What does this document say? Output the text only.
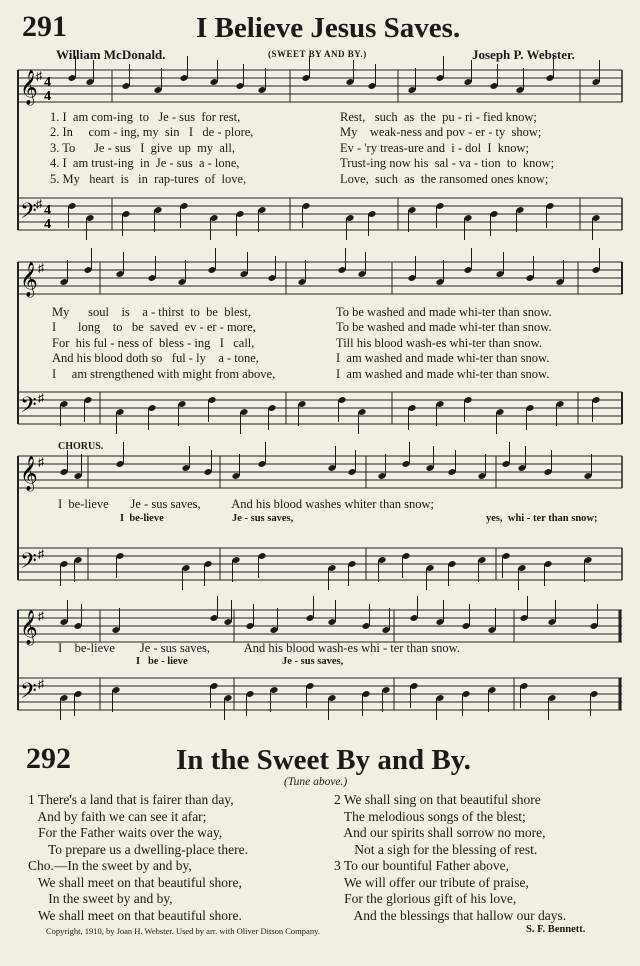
291	I Believe Jesus Saves.
William McDonald.	(SWEET BY AND BY.)	Joseph P. Webster.
𝄞
𝄢
4
4
4
4
♯
♯
𝄞
𝄢
♯
♯
𝄞
𝄢
♯
♯
𝄞
𝄢
♯
♯
1. I  am com-ing  to   Je - sus  for rest,
2. In     com - ing, my  sin   I   de - plore,
3. To      Je - sus   I  give  up  my  all,
4. I  am trust-ing  in  Je - sus  a - lone,
5. My   heart  is   in  rap-tures  of  love,
Rest,   such  as  the  pu - ri - fied know;
My    weak-ness and pov - er - ty  show;
Ev - 'ry treas-ure and  i - dol  I  know;
Trust-ing now his  sal - va - tion  to  know;
Love,  such  as  the ransomed ones know;
My      soul    is    a - thirst  to  be  blest,
I       long    to   be  saved  ev - er - more,
For  his ful - ness of  bless - ing   I   call,
And his blood doth so   ful - ly    a - tone,
I     am strengthened with might from above,
To be washed and made whi-ter than snow.
To be washed and made whi-ter than snow.
Till his blood wash-es whi-ter than snow.
I  am washed and made whi-ter than snow.
I  am washed and made whi-ter than snow.
CHORUS.
I  be-lieve       Je - sus saves,          And his blood washes whiter than snow;
I  be-lieve	Je - sus saves,	yes,  whi - ter than snow;
I    be-lieve        Je - sus saves,           And his blood wash-es whi - ter than snow.
I   be - lieve	Je - sus saves,
292	In the Sweet By and By.
(Tune above.)
1 There's a land that is fairer than day,
And by faith we can see it afar;
For the Father waits over the way,
To prepare us a dwelling-place there.
Cho.—In the sweet by and by,
We shall meet on that beautiful shore,
In the sweet by and by,
We shall meet on that beautiful shore.
2 We shall sing on that beautiful shore
The melodious songs of the blest;
And our spirits shall sorrow no more,
Not a sigh for the blessing of rest.
3 To our bountiful Father above,
We will offer our tribute of praise,
For the glorious gift of his love,
And the blessings that hallow our days.
Copyright, 1910, by Joan H. Webster. Used by arr. with Oliver Ditson Company.	S. F. Bennett.
